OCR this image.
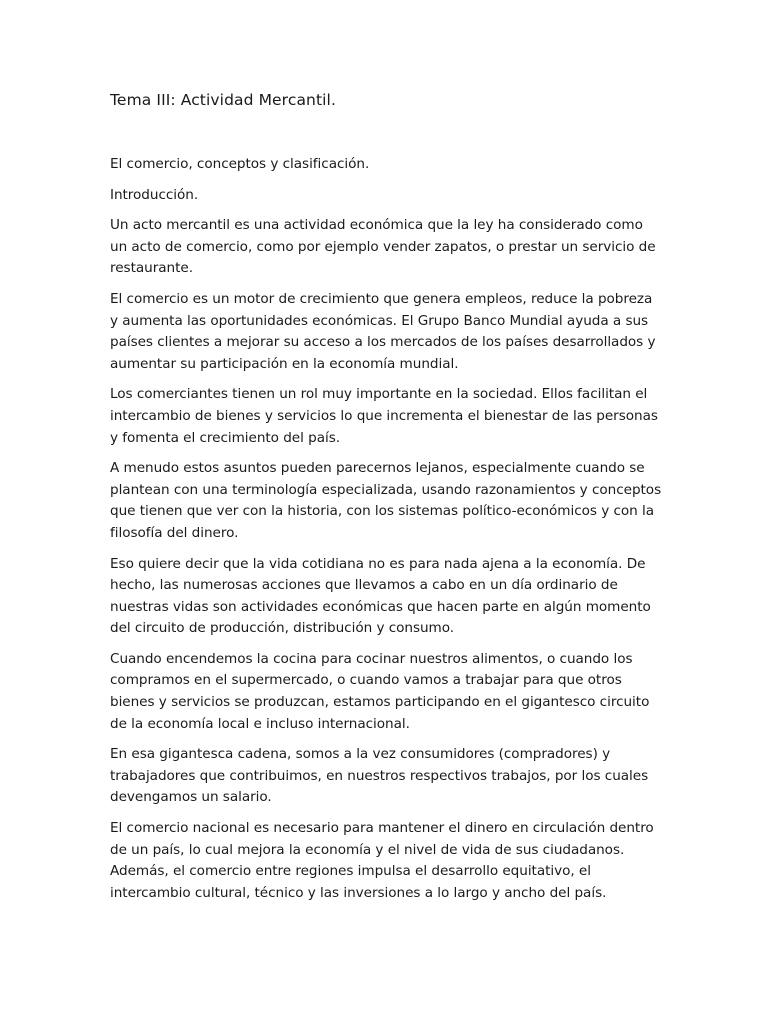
Tema III: Actividad Mercantil.

El comercio, conceptos y clasificación.

Introducción.

Un acto mercantil es una actividad económica que la ley ha considerado como un acto de comercio, como por ejemplo vender zapatos, o prestar un servicio de restaurante.

El comercio es un motor de crecimiento que genera empleos, reduce la pobreza y aumenta las oportunidades económicas. El Grupo Banco Mundial ayuda a sus países clientes a mejorar su acceso a los mercados de los países desarrollados y aumentar su participación en la economía mundial.

Los comerciantes tienen un rol muy importante en la sociedad. Ellos facilitan el intercambio de bienes y servicios lo que incrementa el bienestar de las personas y fomenta el crecimiento del país.

A menudo estos asuntos pueden parecernos lejanos, especialmente cuando se plantean con una terminología especializada, usando razonamientos y conceptos que tienen que ver con la historia, con los sistemas político-económicos y con la filosofía del dinero.

Eso quiere decir que la vida cotidiana no es para nada ajena a la economía. De hecho, las numerosas acciones que llevamos a cabo en un día ordinario de nuestras vidas son actividades económicas que hacen parte en algún momento del circuito de producción, distribución y consumo.

Cuando encendemos la cocina para cocinar nuestros alimentos, o cuando los compramos en el supermercado, o cuando vamos a trabajar para que otros bienes y servicios se produzcan, estamos participando en el gigantesco circuito de la economía local e incluso internacional.

En esa gigantesca cadena, somos a la vez consumidores (compradores) y trabajadores que contribuimos, en nuestros respectivos trabajos, por los cuales devengamos un salario.

El comercio nacional es necesario para mantener el dinero en circulación dentro de un país, lo cual mejora la economía y el nivel de vida de sus ciudadanos. Además, el comercio entre regiones impulsa el desarrollo equitativo, el intercambio cultural, técnico y las inversiones a lo largo y ancho del país.
